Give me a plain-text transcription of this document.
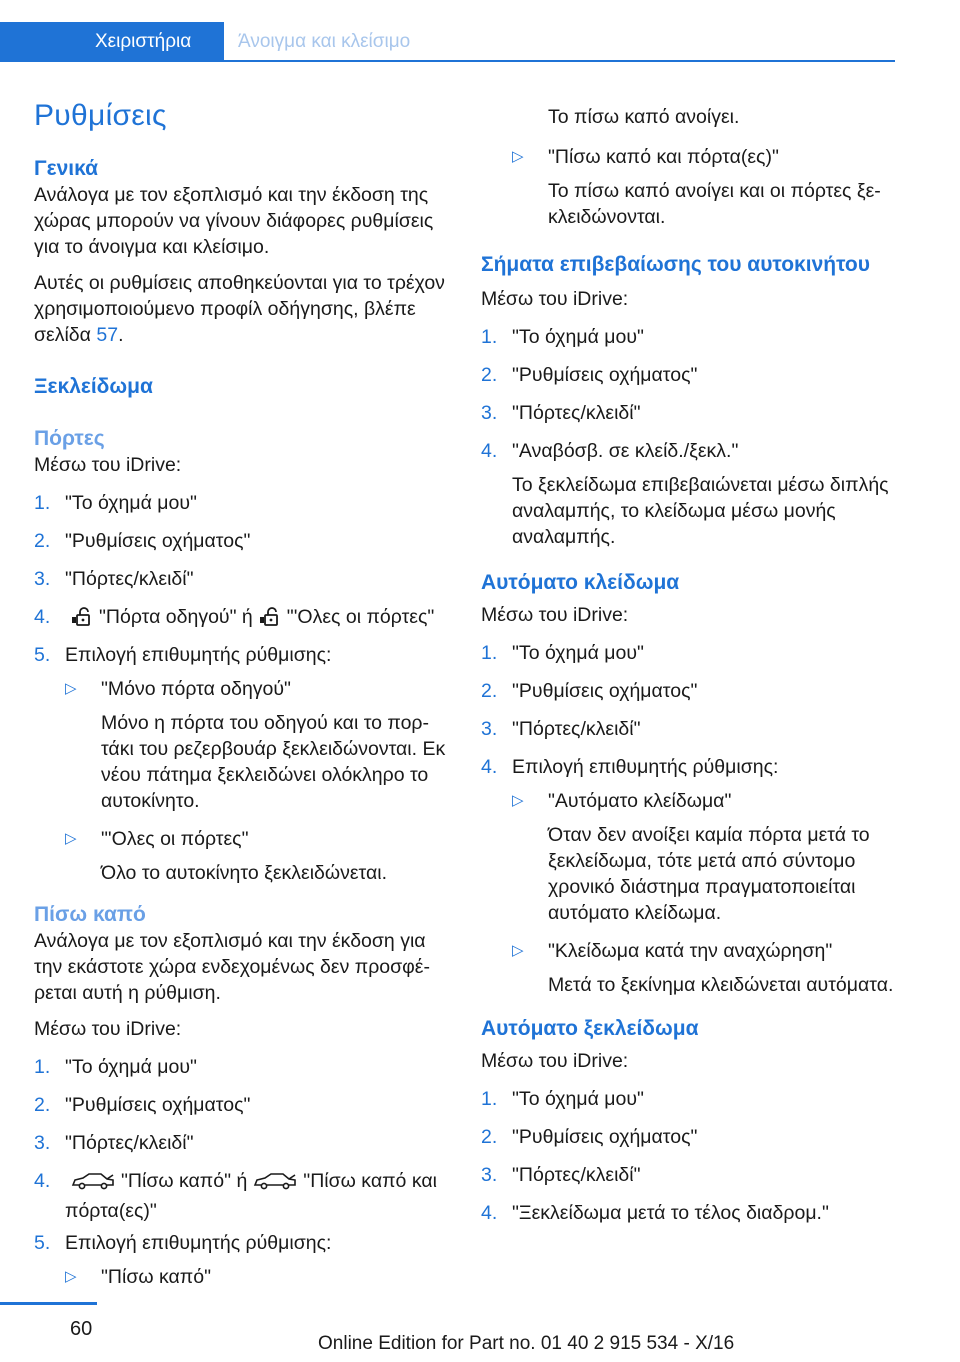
Χειριστήρια	Άνοιγμα και κλείσιμο
Ρυθμίσεις
Γενικά

Ανάλογα με τον εξοπλισμό και την έκδοση της χώρας μπορούν να γίνουν διάφορες ρυθμίσεις για το άνοιγμα και κλείσιμο.

Αυτές οι ρυθμίσεις αποθηκεύονται για το τρέχον χρησιμοποιούμενο προφίλ οδήγησης, βλέπε σελίδα 57.

Ξεκλείδωμα
Πόρτες

Μέσω του iDrive:

1. "Το όχημά μου"
2. "Ρυθμίσεις οχήματος"
3. "Πόρτες/κλειδί"
4. "Πόρτα οδηγού" ή "'Ολες οι πόρτες"
5. Επιλογή επιθυμητής ρύθμισης:
▷ "Μόνο πόρτα οδηγού"
Μόνο η πόρτα του οδηγού και το πορτάκι του ρεζερβουάρ ξεκλειδώνονται. Εκ νέου πάτημα ξεκλειδώνει ολόκληρο το αυτοκίνητο.
▷ "'Ολες οι πόρτες"
Όλο το αυτοκίνητο ξεκλειδώνεται.
Πίσω καπό

Ανάλογα με τον εξοπλισμό και την έκδοση για την εκάστοτε χώρα ενδεχομένως δεν προσφέρεται αυτή η ρύθμιση.

Μέσω του iDrive:

1. "Το όχημά μου"
2. "Ρυθμίσεις οχήματος"
3. "Πόρτες/κλειδί"
4.	"Πίσω καπό" ή	"Πίσω καπό και πόρτα(ες)"
5. Επιλογή επιθυμητής ρύθμισης:
▷ "Πίσω καπό"
Το πίσω καπό ανοίγει.
▷ "Πίσω καπό και πόρτα(ες)"
Το πίσω καπό ανοίγει και οι πόρτες ξεκλειδώνονται.
Σήματα επιβεβαίωσης του αυτοκινήτου

Μέσω του iDrive:

1. "Το όχημά μου"
2. "Ρυθμίσεις οχήματος"
3. "Πόρτες/κλειδί"
4. "Αναβόσβ. σε κλείδ./ξεκλ."
Το ξεκλείδωμα επιβεβαιώνεται μέσω διπλής αναλαμπής, το κλείδωμα μέσω μονής αναλαμπής.
Αυτόματο κλείδωμα

Μέσω του iDrive:

1. "Το όχημά μου"
2. "Ρυθμίσεις οχήματος"
3. "Πόρτες/κλειδί"
4. Επιλογή επιθυμητής ρύθμισης:
▷ "Αυτόματο κλείδωμα"
Όταν δεν ανοίξει καμία πόρτα μετά το ξεκλείδωμα, τότε μετά από σύντομο χρονικό διάστημα πραγματοποιείται αυτόματο κλείδωμα.
▷ "Κλείδωμα κατά την αναχώρηση"
Μετά το ξεκίνημα κλειδώνεται αυτόματα.
Αυτόματο ξεκλείδωμα

Μέσω του iDrive:

1. "Το όχημά μου"
2. "Ρυθμίσεις οχήματος"
3. "Πόρτες/κλειδί"
4. "Ξεκλείδωμα μετά το τέλος διαδρομ."
60
Online Edition for Part no. 01 40 2 915 534 - X/16
